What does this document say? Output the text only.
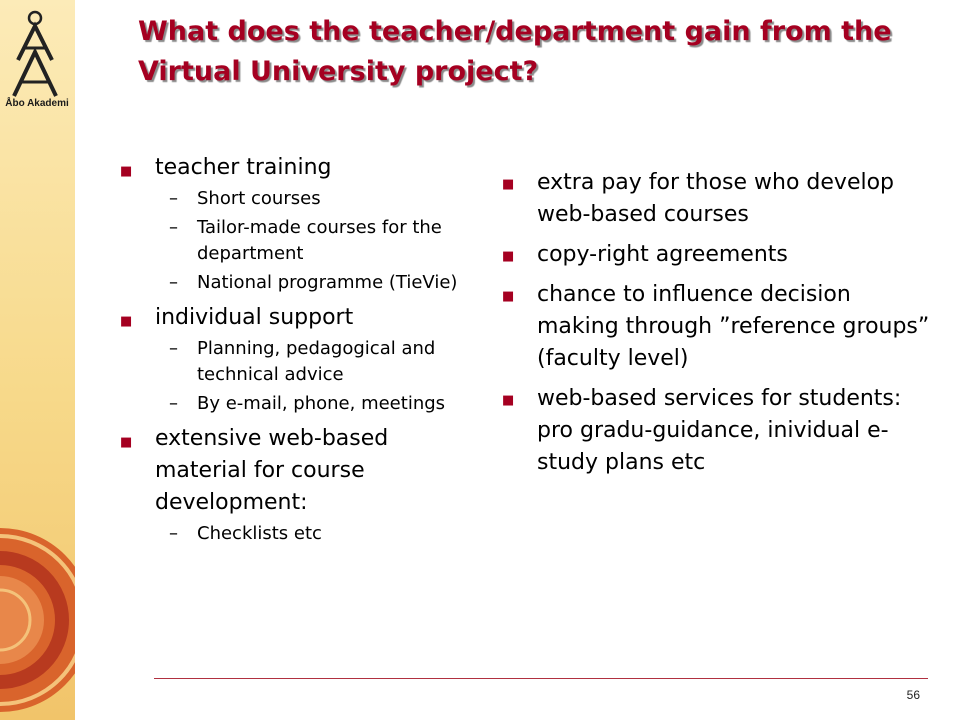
Åbo Akademi
What does the teacher/department gain from the Virtual University project?
■ teacher training
– Short courses
– Tailor-made courses for the department
– National programme (TieVie)
■ individual support
– Planning, pedagogical and technical advice
– By e-mail, phone, meetings
■ extensive web-based material for course development:
– Checklists etc
■ extra pay for those who develop web-based courses
■ copy-right agreements
■ chance to influence decision making through ”reference groups” (faculty level)
■ web-based services for students: pro gradu-guidance, inividual e-study plans etc
56
